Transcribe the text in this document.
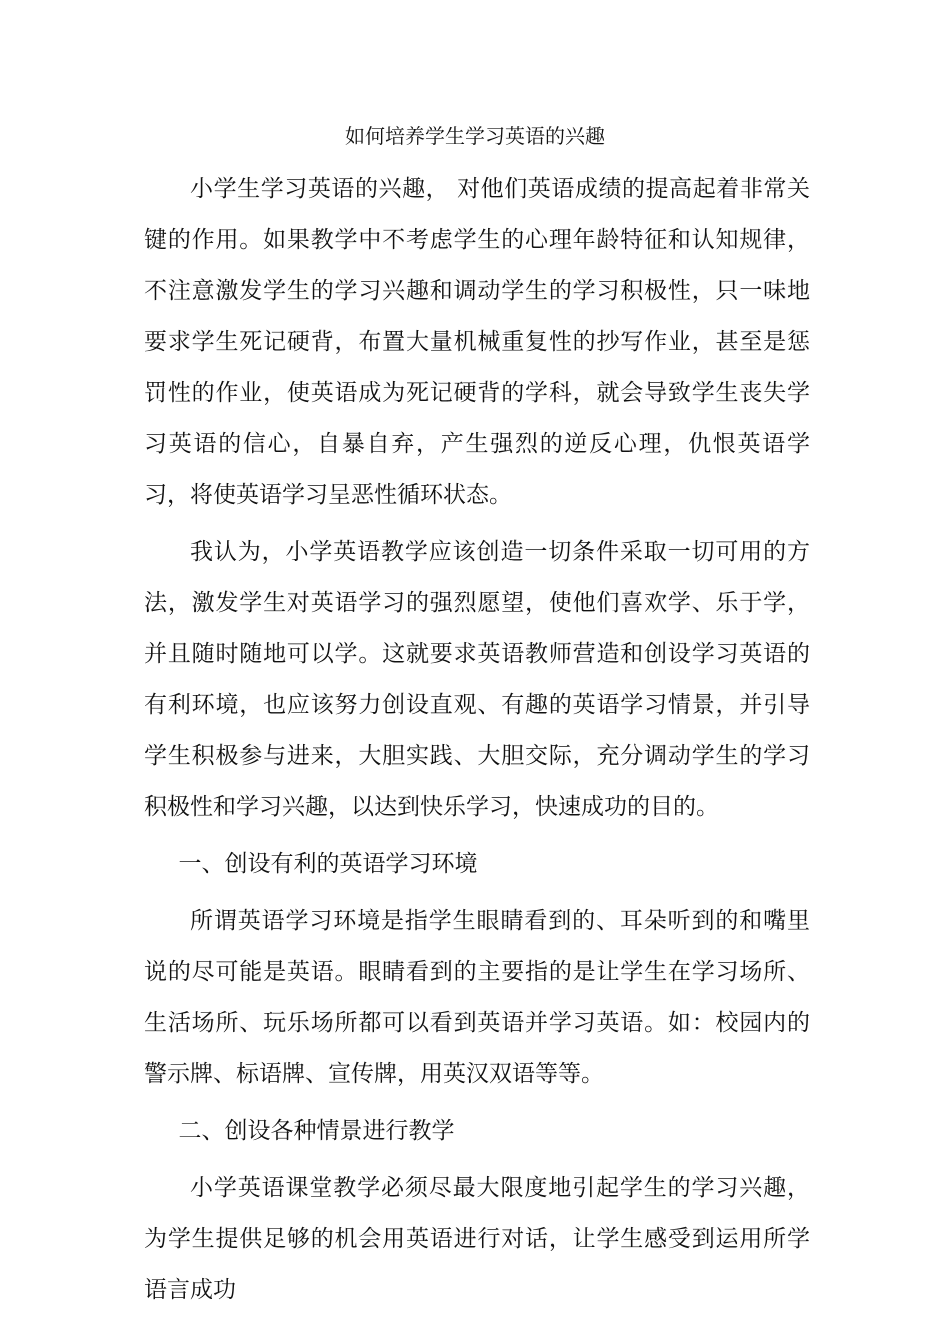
如何培养学生学习英语的兴趣

小学生学习英语的兴趣， 对他们英语成绩的提高起着非常关键的作用。如果教学中不考虑学生的心理年龄特征和认知规律，不注意激发学生的学习兴趣和调动学生的学习积极性，只一味地要求学生死记硬背，布置大量机械重复性的抄写作业，甚至是惩罚性的作业，使英语成为死记硬背的学科，就会导致学生丧失学习英语的信心，自暴自弃，产生强烈的逆反心理，仇恨英语学习，将使英语学习呈恶性循环状态。

我认为，小学英语教学应该创造一切条件采取一切可用的方法，激发学生对英语学习的强烈愿望，使他们喜欢学、乐于学，并且随时随地可以学。这就要求英语教师营造和创设学习英语的有利环境，也应该努力创设直观、有趣的英语学习情景，并引导学生积极参与进来，大胆实践、大胆交际，充分调动学生的学习积极性和学习兴趣，以达到快乐学习，快速成功的目的。

一、创设有利的英语学习环境

所谓英语学习环境是指学生眼睛看到的、耳朵听到的和嘴里说的尽可能是英语。眼睛看到的主要指的是让学生在学习场所、生活场所、玩乐场所都可以看到英语并学习英语。如：校园内的警示牌、标语牌、宣传牌，用英汉双语等等。

二、创设各种情景进行教学

小学英语课堂教学必须尽最大限度地引起学生的学习兴趣，为学生提供足够的机会用英语进行对话，让学生感受到运用所学语言成功
